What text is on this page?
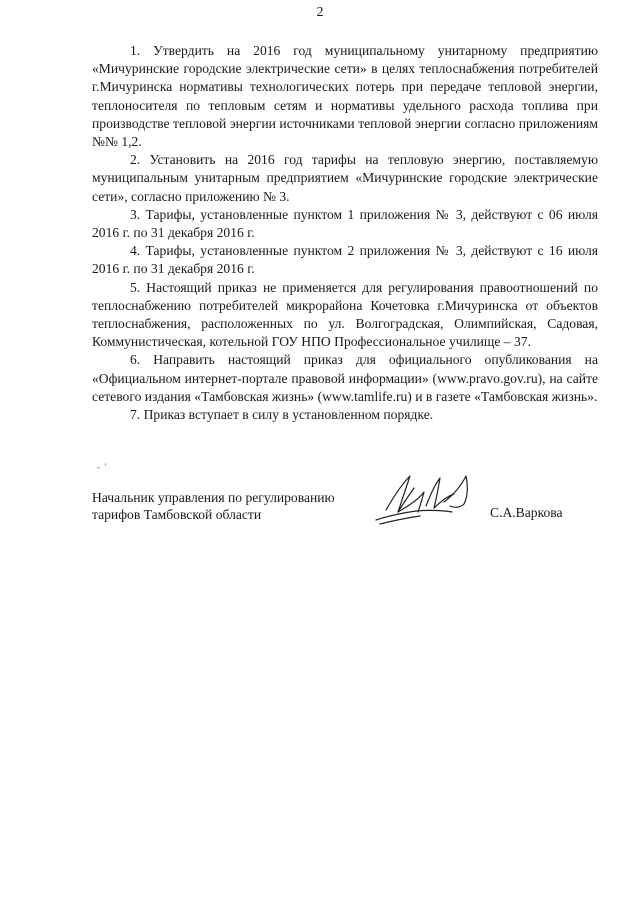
2

1. Утвердить на 2016 год муниципальному унитарному предприятию «Мичуринские городские электрические сети» в целях теплоснабжения потребителей г.Мичуринска нормативы технологических потерь при передаче тепловой энергии, теплоносителя по тепловым сетям и нормативы удельного расхода топлива при производстве тепловой энергии источниками тепловой энергии согласно приложениям №№ 1,2.

2. Установить на 2016 год тарифы на тепловую энергию, поставляемую муниципальным унитарным предприятием «Мичуринские городские электрические сети», согласно приложению № 3.

3. Тарифы, установленные пунктом 1 приложения № 3, действуют с 06 июля 2016 г. по 31 декабря 2016 г.

4. Тарифы, установленные пунктом 2 приложения № 3, действуют с 16 июля 2016 г. по 31 декабря 2016 г.

5. Настоящий приказ не применяется для регулирования правоотношений по теплоснабжению потребителей микрорайона Кочетовка г.Мичуринска от объектов теплоснабжения, расположенных по ул. Волгоградская, Олимпийская, Садовая, Коммунистическая, котельной ГОУ НПО Профессиональное училище – 37.

6. Направить настоящий приказ для официального опубликования на «Официальном интернет-портале правовой информации» (www.pravo.gov.ru), на сайте сетевого издания «Тамбовская жизнь» (www.tamlife.ru) и в газете «Тамбовская жизнь».

7. Приказ вступает в силу в установленном порядке.

-  '
Начальник управления по регулированию
тарифов Тамбовской области	С.А.Варкова
